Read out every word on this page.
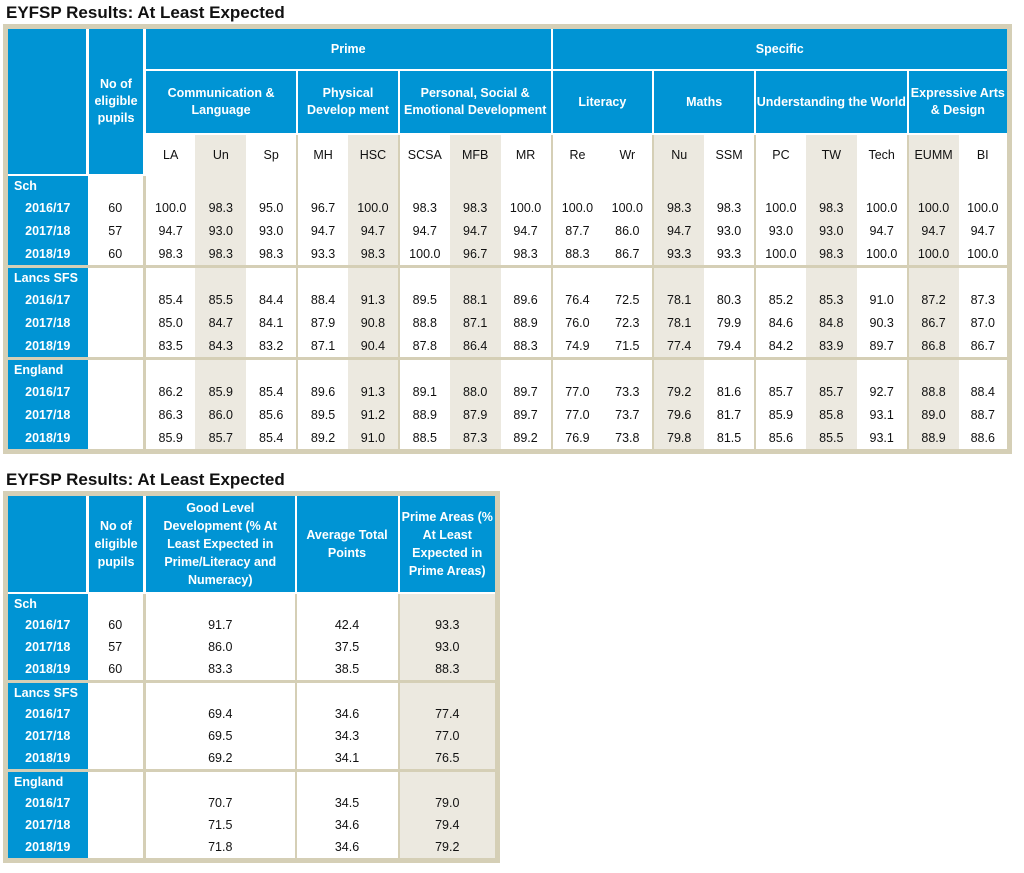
EYFSP Results: At Least Expected
	No of eligible pupils	Prime								Specific								
		Communication & Language			Physical Develop ment		Personal, Social & Emotional Development			Literacy		Maths		Understanding the World			Expressive Arts & Design	
		LA	Un	Sp	MH	HSC	SCSA	MFB	MR	Re	Wr	Nu	SSM	PC	TW	Tech	EUMM	BI
Sch																		
2016/17	60	100.0	98.3	95.0	96.7	100.0	98.3	98.3	100.0	100.0	100.0	98.3	98.3	100.0	98.3	100.0	100.0	100.0
2017/18	57	94.7	93.0	93.0	94.7	94.7	94.7	94.7	94.7	87.7	86.0	94.7	93.0	93.0	93.0	94.7	94.7	94.7
2018/19	60	98.3	98.3	98.3	93.3	98.3	100.0	96.7	98.3	88.3	86.7	93.3	93.3	100.0	98.3	100.0	100.0	100.0
Lancs SFS																		
2016/17		85.4	85.5	84.4	88.4	91.3	89.5	88.1	89.6	76.4	72.5	78.1	80.3	85.2	85.3	91.0	87.2	87.3
2017/18		85.0	84.7	84.1	87.9	90.8	88.8	87.1	88.9	76.0	72.3	78.1	79.9	84.6	84.8	90.3	86.7	87.0
2018/19		83.5	84.3	83.2	87.1	90.4	87.8	86.4	88.3	74.9	71.5	77.4	79.4	84.2	83.9	89.7	86.8	86.7
England																		
2016/17		86.2	85.9	85.4	89.6	91.3	89.1	88.0	89.7	77.0	73.3	79.2	81.6	85.7	85.7	92.7	88.8	88.4
2017/18		86.3	86.0	85.6	89.5	91.2	88.9	87.9	89.7	77.0	73.7	79.6	81.7	85.9	85.8	93.1	89.0	88.7
2018/19		85.9	85.7	85.4	89.2	91.0	88.5	87.3	89.2	76.9	73.8	79.8	81.5	85.6	85.5	93.1	88.9	88.6
EYFSP Results: At Least Expected
	No of eligible pupils	Good Level Development (% At Least Expected in Prime/Literacy and Numeracy)	Average Total Points	Prime Areas (% At Least Expected in Prime Areas)
Sch				
2016/17	60	91.7	42.4	93.3
2017/18	57	86.0	37.5	93.0
2018/19	60	83.3	38.5	88.3
Lancs SFS				
2016/17		69.4	34.6	77.4
2017/18		69.5	34.3	77.0
2018/19		69.2	34.1	76.5
England				
2016/17		70.7	34.5	79.0
2017/18		71.5	34.6	79.4
2018/19		71.8	34.6	79.2
